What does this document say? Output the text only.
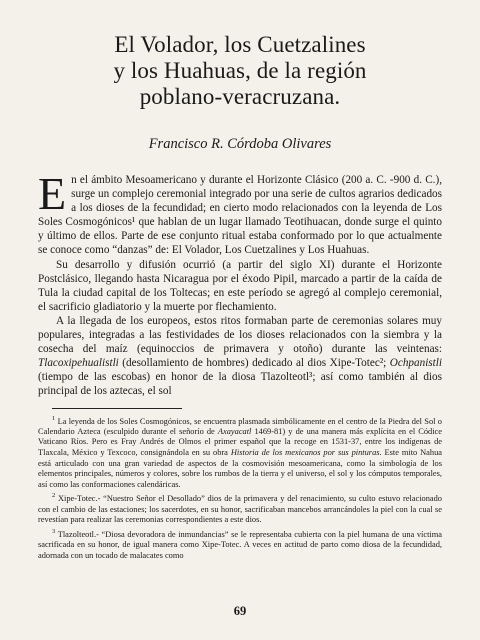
El Volador, los Cuetzalines
y los Huahuas, de la región
poblano-veracruzana.
Francisco R. Córdoba Olivares

En el ámbito Mesoamericano y durante el Horizonte Clásico (200 a. C. -900 d. C.), surge un complejo ceremonial integrado por una serie de cultos agrarios dedicados a los dioses de la fecundidad; en cierto modo relacionados con la leyenda de Los Soles Cosmogónicos¹ que hablan de un lugar llamado Teotihuacan, donde surge el quinto y último de ellos. Parte de ese conjunto ritual estaba conformado por lo que actualmente se conoce como “danzas” de: El Volador, Los Cuetzalines y Los Huahuas.

Su desarrollo y difusión ocurrió (a partir del siglo XI) durante el Horizonte Postclásico, llegando hasta Nicaragua por el éxodo Pipil, marcado a partir de la caída de Tula la ciudad capital de los Toltecas; en este período se agregó al complejo ceremonial, el sacrificio gladiatorio y la muerte por flechamiento.

A la llegada de los europeos, estos ritos formaban parte de ceremonias solares muy populares, integradas a las festividades de los dioses relacionados con la siembra y la cosecha del maíz (equinoccios de primavera y otoño) durante las veintenas: Tlacoxipehualistli (desollamiento de hombres) dedicado al dios Xipe-Totec²; Ochpanistli (tiempo de las escobas) en honor de la diosa Tlazolteotl³; así como también al dios principal de los aztecas, el sol

$^1$ La leyenda de los Soles Cosmogónicos, se encuentra plasmada simbólicamente en el centro de la Piedra del Sol o Calendario Azteca (esculpido durante el señorío de Axayacatl 1469-81) y de una manera más explícita en el Códice Vaticano Ríos. Pero es Fray Andrés de Olmos el primer español que la recoge en 1531-37, entre los indígenas de Tlaxcala, México y Texcoco, consignándola en su obra Historia de los mexicanos por sus pinturas. Este mito Nahua está articulado con una gran variedad de aspectos de la cosmovisión mesoamericana, como la simbología de los elementos principales, números y colores, sobre los rumbos de la tierra y el universo, el sol y los cómputos temporales, así como las conformaciones calendáricas.

$^2$ Xipe-Totec.- “Nuestro Señor el Desollado” dios de la primavera y del renacimiento, su culto estuvo relacionado con el cambio de las estaciones; los sacerdotes, en su honor, sacrificaban mancebos arrancándoles la piel con la cual se revestían para realizar las ceremonias correspondientes a este dios.

$^3$ Tlazolteotl.- “Diosa devoradora de inmundancias” se le representaba cubierta con la piel humana de una víctima sacrificada en su honor, de igual manera como Xipe-Totec. A veces en actitud de parto como diosa de la fecundidad, adornada con un tocado de malacates como

69
